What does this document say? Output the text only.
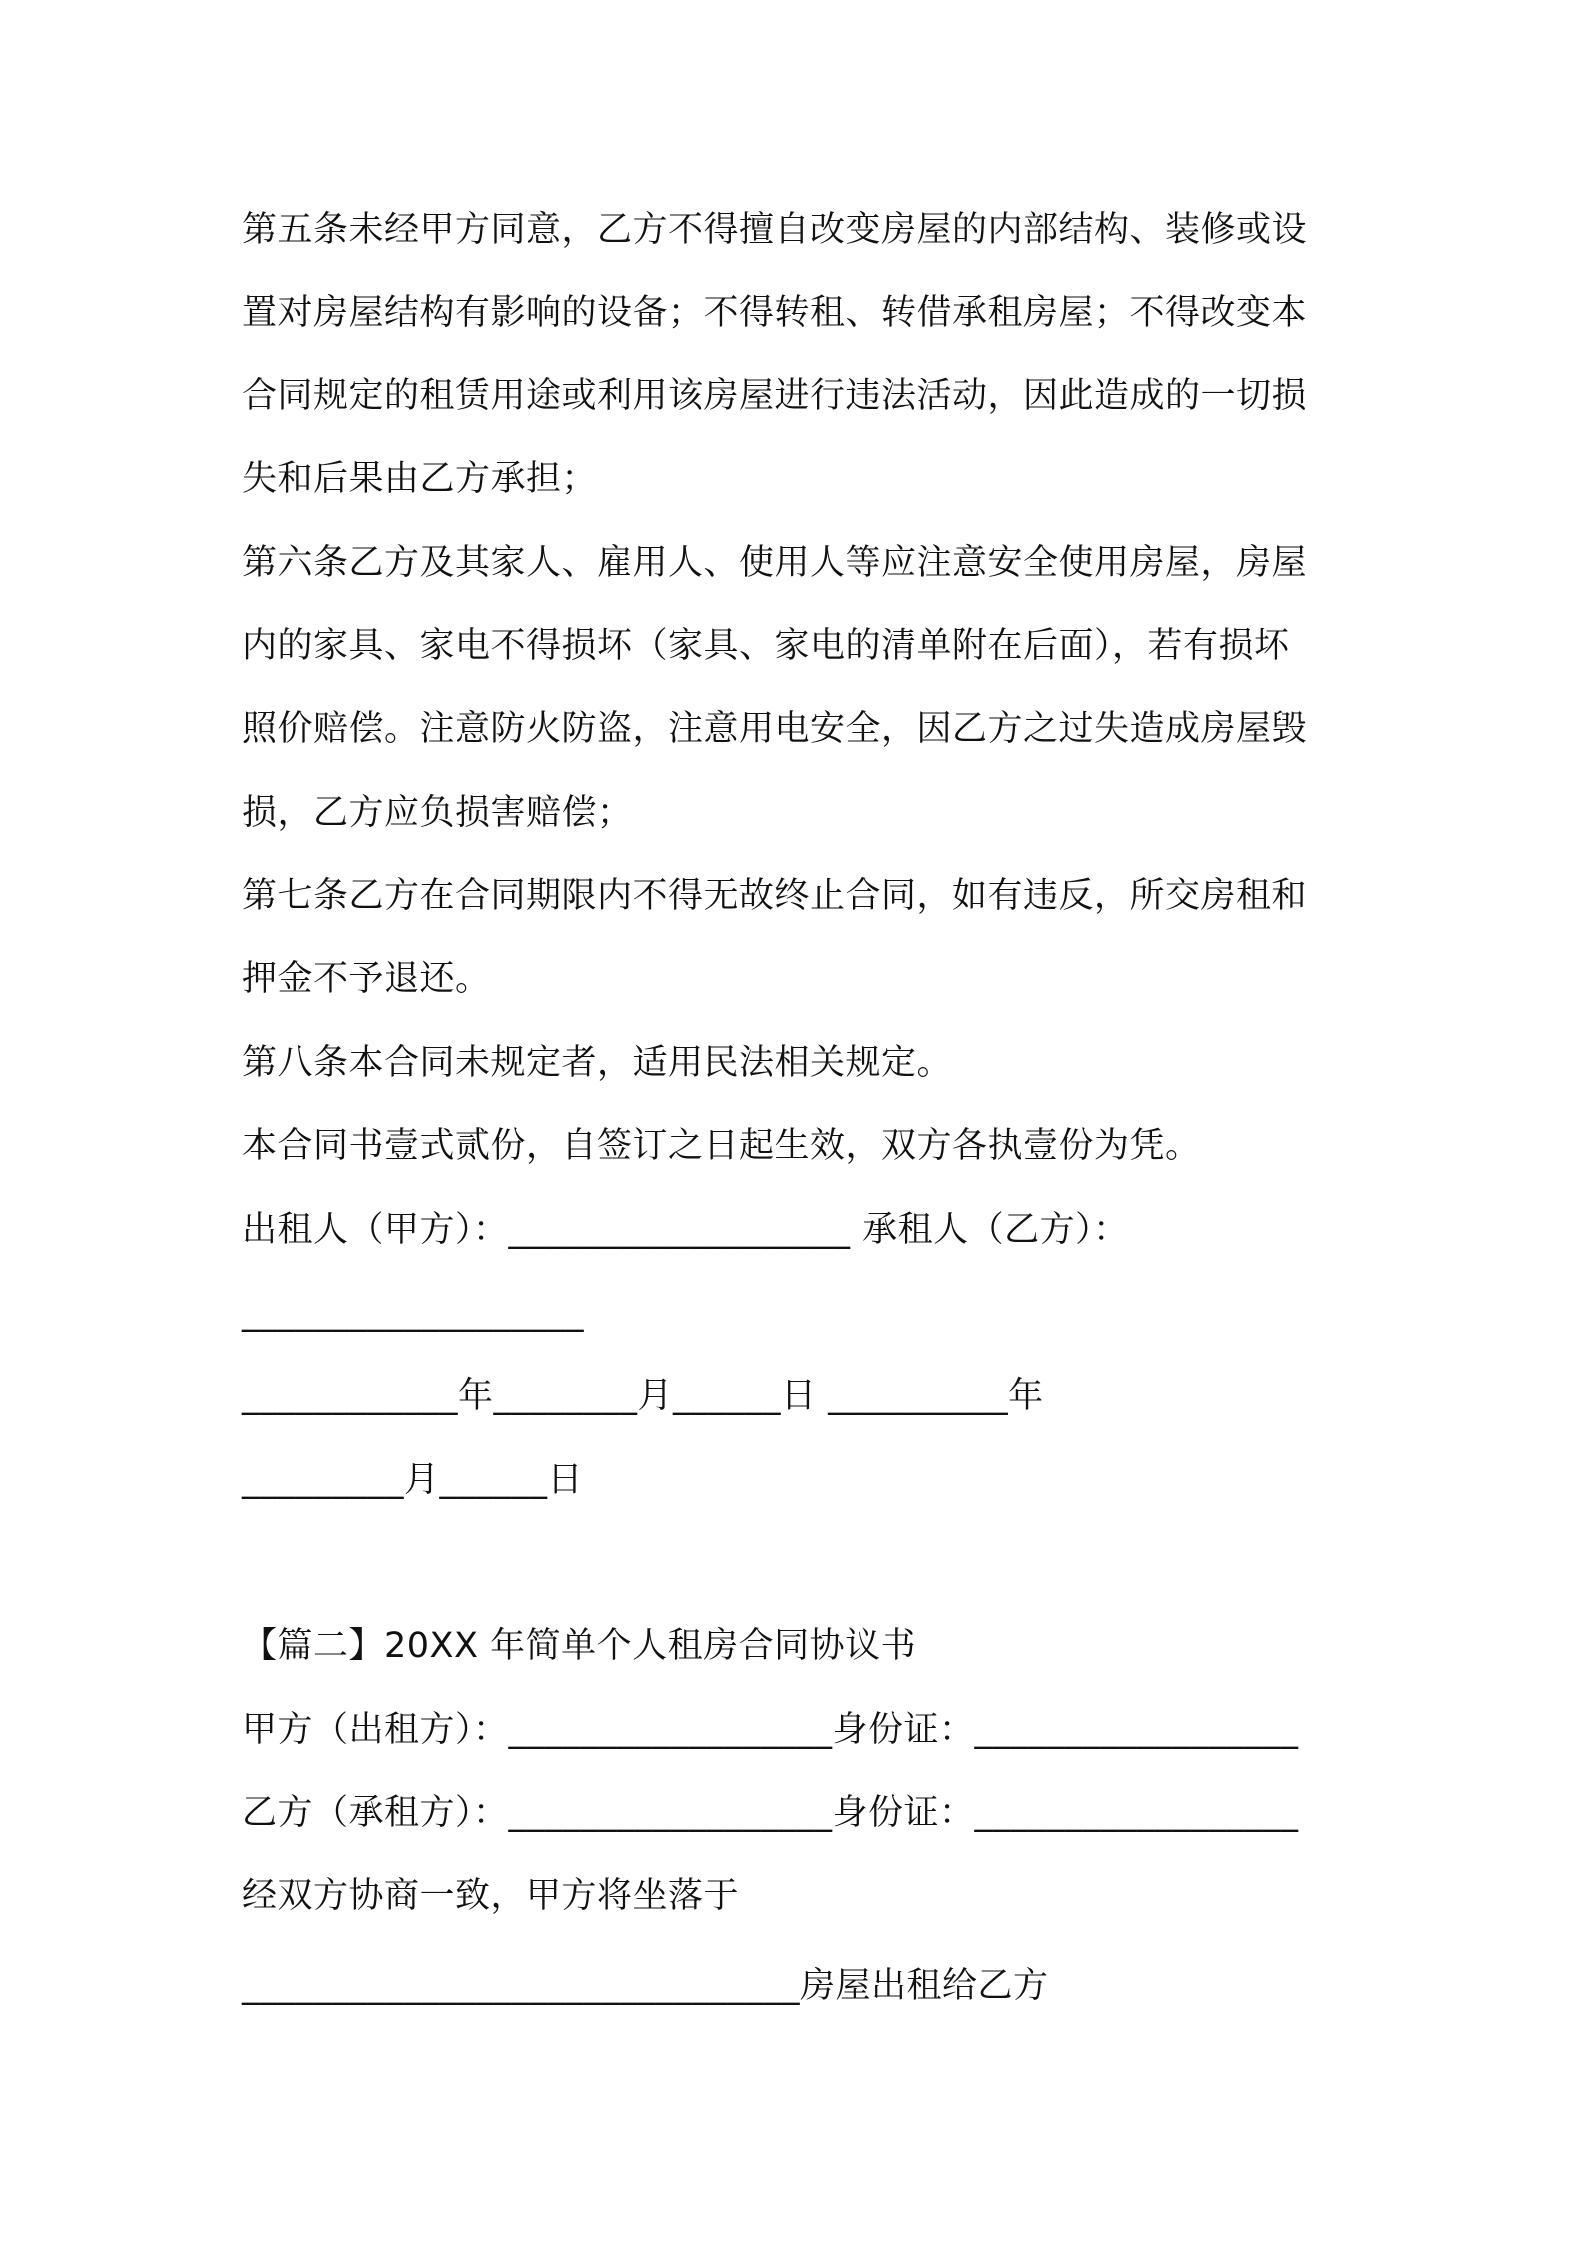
第五条未经甲方同意，乙方不得擅自改变房屋的内部结构、装修或设
置对房屋结构有影响的设备；不得转租、转借承租房屋；不得改变本
合同规定的租赁用途或利用该房屋进行违法活动，因此造成的一切损
失和后果由乙方承担；
第六条乙方及其家人、雇用人、使用人等应注意安全使用房屋，房屋
内的家具、家电不得损坏（家具、家电的清单附在后面），若有损坏
照价赔偿。注意防火防盗，注意用电安全，因乙方之过失造成房屋毁
损，乙方应负损害赔偿；
第七条乙方在合同期限内不得无故终止合同，如有违反，所交房租和
押金不予退还。
第八条本合同未规定者，适用民法相关规定。
本合同书壹式贰份，自签订之日起生效，双方各执壹份为凭。
出租人（甲方）：___________________ 承租人（乙方）：
___________________
____________年________月______日 __________年
_________月______日
【篇二】20XX 年简单个人租房合同协议书
甲方（出租方）：__________________身份证：__________________
乙方（承租方）：__________________身份证：__________________
经双方协商一致，甲方将坐落于
_______________________________房屋出租给乙方
